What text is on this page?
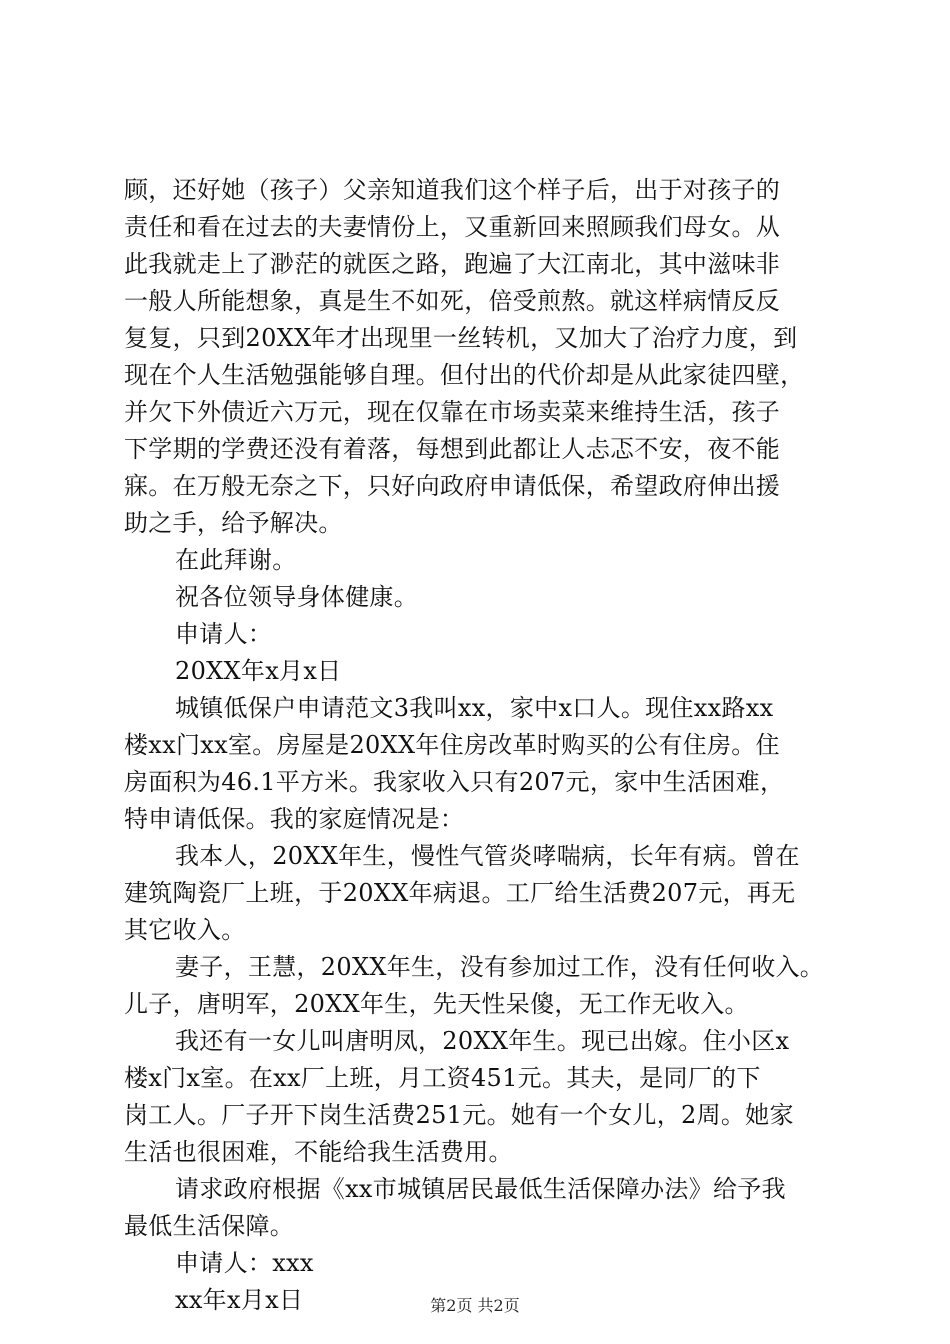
顾，还好她（孩子）父亲知道我们这个样子后，出于对孩子的
责任和看在过去的夫妻情份上，又重新回来照顾我们母女。从
此我就走上了渺茫的就医之路，跑遍了大江南北，其中滋味非
一般人所能想象，真是生不如死，倍受煎熬。就这样病情反反
复复，只到20XX年才出现里一丝转机，又加大了治疗力度，到
现在个人生活勉强能够自理。但付出的代价却是从此家徒四壁，
并欠下外债近六万元，现在仅靠在市场卖菜来维持生活，孩子
下学期的学费还没有着落，每想到此都让人忐忑不安，夜不能
寐。在万般无奈之下，只好向政府申请低保，希望政府伸出援
助之手，给予解决。
在此拜谢。
祝各位领导身体健康。
申请人：
20XX年x月x日
城镇低保户申请范文3我叫xx，家中x口人。现住xx路xx
楼xx门xx室。房屋是20XX年住房改革时购买的公有住房。住
房面积为46.1平方米。我家收入只有207元，家中生活困难，
特申请低保。我的家庭情况是：
我本人，20XX年生，慢性气管炎哮喘病，长年有病。曾在
建筑陶瓷厂上班，于20XX年病退。工厂给生活费207元，再无
其它收入。
妻子，王慧，20XX年生，没有参加过工作，没有任何收入。
儿子，唐明军，20XX年生，先天性呆傻，无工作无收入。
我还有一女儿叫唐明凤，20XX年生。现已出嫁。住小区x
楼x门x室。在xx厂上班，月工资451元。其夫，是同厂的下
岗工人。厂子开下岗生活费251元。她有一个女儿，2周。她家
生活也很困难，不能给我生活费用。
请求政府根据《xx市城镇居民最低生活保障办法》给予我
最低生活保障。
申请人：xxx
xx年x月x日	第2页 共2页
